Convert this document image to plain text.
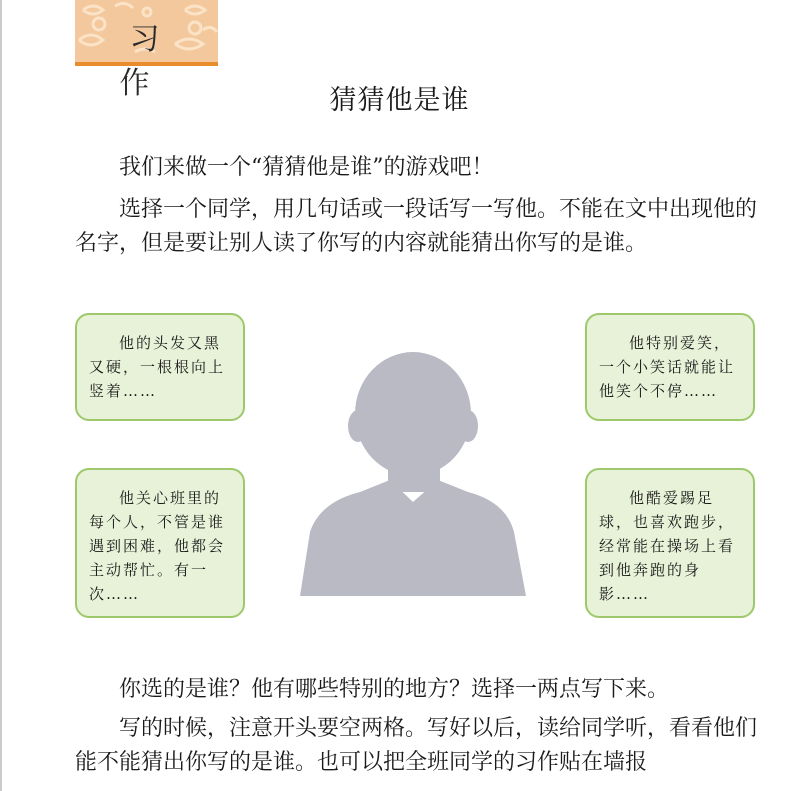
习 作	猜猜他是谁

我们来做一个“猜猜他是谁”的游戏吧！

选择一个同学，用几句话或一段话写一写他。不能在文中出现他的名字，但是要让别人读了你写的内容就能猜出你写的是谁。

他的头发又黑又硬，一根根向上竖着……
他特别爱笑，一个小笑话就能让他笑个不停……
他关心班里的每个人，不管是谁遇到困难，他都会主动帮忙。有一次……
他酷爱踢足球，也喜欢跑步，经常能在操场上看到他奔跑的身影……

你选的是谁？他有哪些特别的地方？选择一两点写下来。

写的时候，注意开头要空两格。写好以后，读给同学听，看看他们能不能猜出你写的是谁。也可以把全班同学的习作贴在墙报
